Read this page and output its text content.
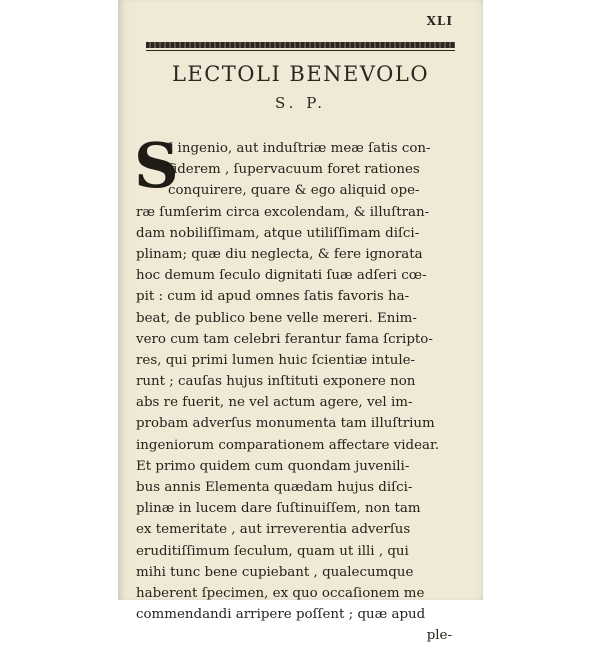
XLI
LECTOLI BENEVOLO
S. P.
S
I ingenio, aut induſtriæ meæ ſatis con-
ſiderem , ſupervacuum foret rationes
conquirere, quare & ego aliquid ope-
ræ ſumſerim circa excolendam, & illuſtran-
dam nobiliſſimam, atque utiliſſimam diſci-
plinam; quæ diu neglecta, & fere ignorata
hoc demum ſeculo dignitati ſuæ adſeri cœ-
pit : cum id apud omnes ſatis favoris ha-
beat, de publico bene velle mereri. Enim-
vero cum tam celebri ferantur fama ſcripto-
res, qui primi lumen huic ſcientiæ intule-
runt ; cauſas hujus inſtituti exponere non
abs re fuerit, ne vel actum agere, vel im-
probam adverſus monumenta tam illuſtrium
ingeniorum comparationem affectare videar.
Et primo quidem cum quondam juvenili-
bus annis Elementa quædam hujus diſci-
plinæ in lucem dare ſuſtinuiſſem, non tam
ex temeritate , aut irreverentia adverſus
eruditiſſimum ſeculum, quam ut illi , qui
mihi tunc bene cupiebant , qualecumque
haberent ſpecimen, ex quo occaſionem me
commendandi arripere poſſent ; quæ apud
ple-
